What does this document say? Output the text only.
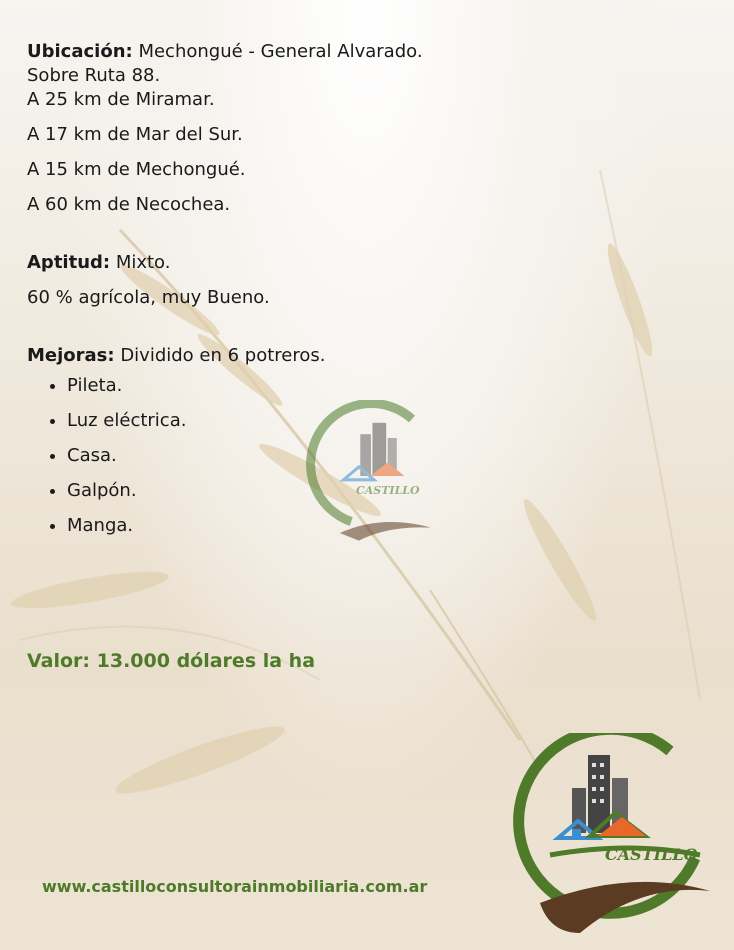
CASTILLO
Ubicación: Mechongué - General Alvarado.
Sobre Ruta 88.
A 25 km de Miramar.
A 17 km de Mar del Sur.
A 15 km de Mechongué.
A 60 km de Necochea.
Aptitud: Mixto.
60 % agrícola, muy Bueno.
Mejoras: Dividido en 6 potreros.
• Pileta.
• Luz eléctrica.
• Casa.
• Galpón.
• Manga.
Valor: 13.000 dólares la ha
www.castilloconsultorainmobiliaria.com.ar
CASTILLO
